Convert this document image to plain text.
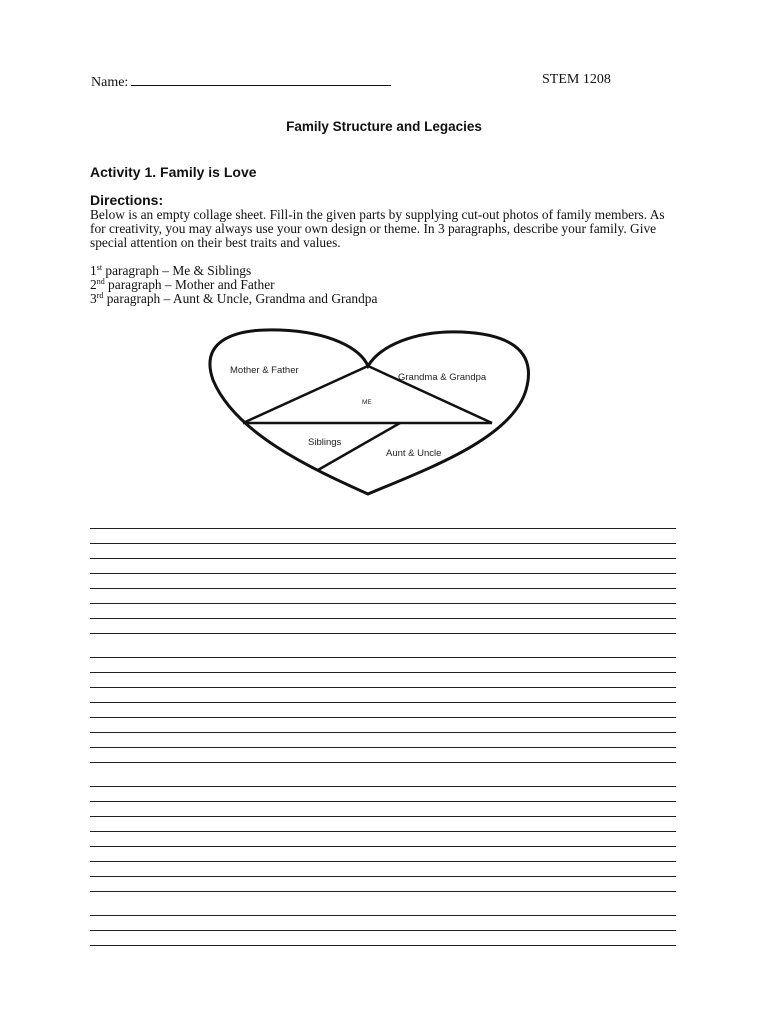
Name:	STEM 1208
Family Structure and Legacies
Activity 1. Family is Love
Directions:
Below is an empty collage sheet. Fill-in the given parts by supplying cut-out photos of family members. As for creativity, you may always use your own design or theme. In 3 paragraphs, describe your family. Give special attention on their best traits and values.
1st paragraph – Me & Siblings
2nd paragraph – Mother and Father
3rd paragraph – Aunt & Uncle, Grandma and Grandpa
Mother & Father
Grandma & Grandpa
ME
Siblings
Aunt & Uncle
